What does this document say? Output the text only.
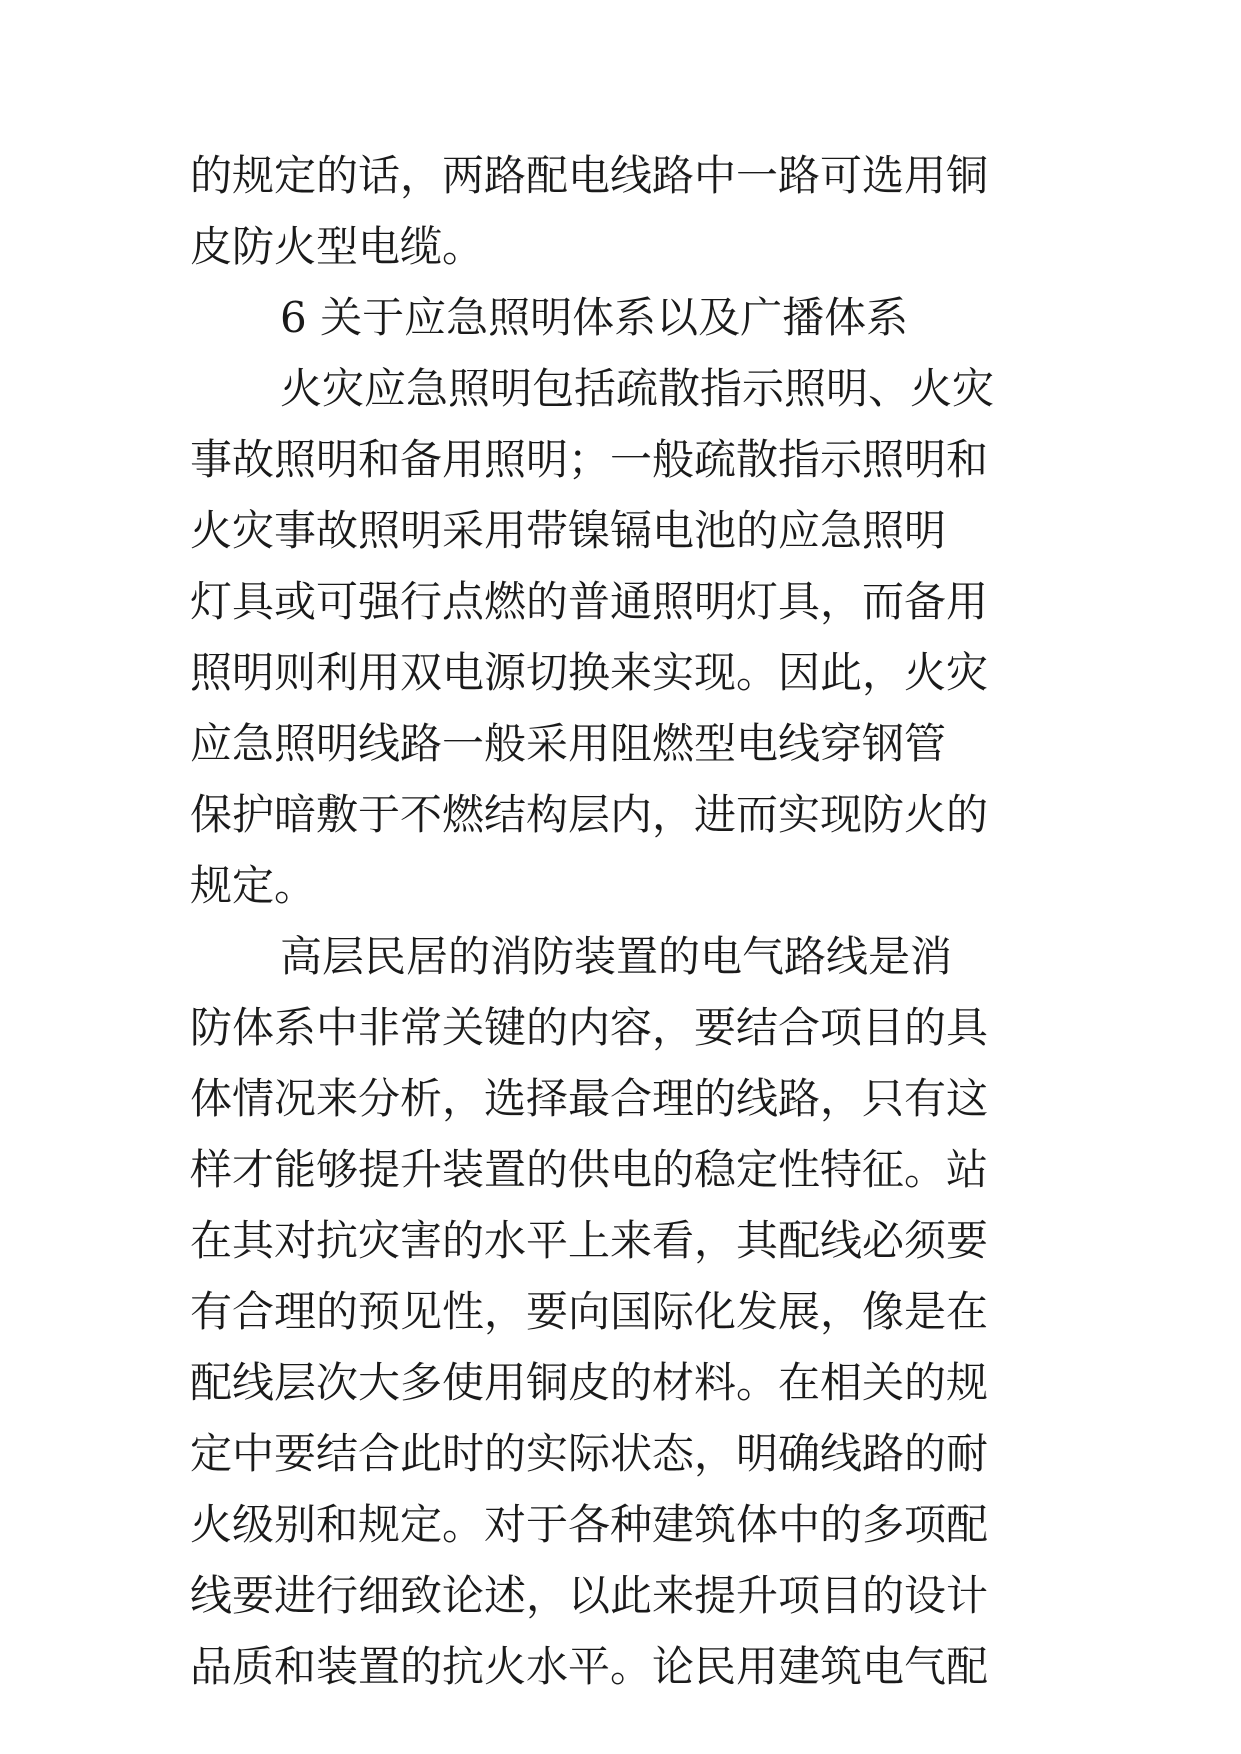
的规定的话，两路配电线路中一路可选用铜
皮防火型电缆。
6 关于应急照明体系以及广播体系
火灾应急照明包括疏散指示照明、火灾
事故照明和备用照明；一般疏散指示照明和
火灾事故照明采用带镍镉电池的应急照明
灯具或可强行点燃的普通照明灯具，而备用
照明则利用双电源切换来实现。因此，火灾
应急照明线路一般采用阻燃型电线穿钢管
保护暗敷于不燃结构层内，进而实现防火的
规定。
高层民居的消防装置的电气路线是消
防体系中非常关键的内容，要结合项目的具
体情况来分析，选择最合理的线路，只有这
样才能够提升装置的供电的稳定性特征。站
在其对抗灾害的水平上来看，其配线必须要
有合理的预见性，要向国际化发展，像是在
配线层次大多使用铜皮的材料。在相关的规
定中要结合此时的实际状态，明确线路的耐
火级别和规定。对于各种建筑体中的多项配
线要进行细致论述，以此来提升项目的设计
品质和装置的抗火水平。论民用建筑电气配
